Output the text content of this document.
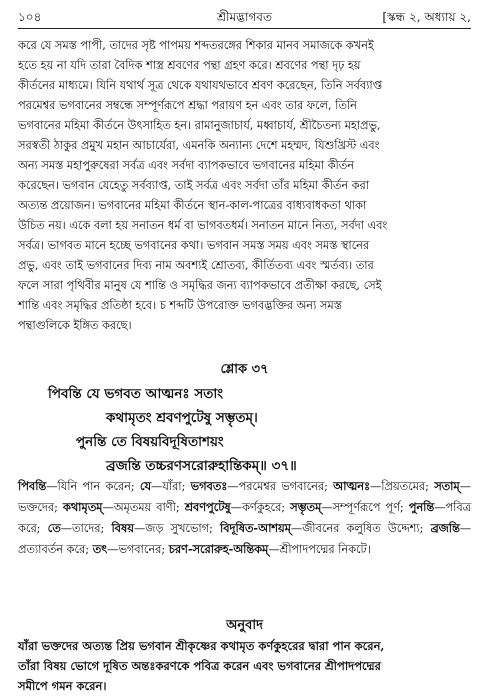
১০৪	শ্রীমদ্ভাগবত	[স্কন্ধ ২, অধ্যায় ২,

করে যে সমস্ত পাপী, তাদের সৃষ্ট পাপময় শব্দতরঙ্গের শিকার মানব সমাজকে কখনই

হতে হয় না যদি তারা বৈদিক শাস্ত্র শ্রবণের পন্থা গ্রহণ করে। শ্রবণের পন্থা দৃঢ় হয়

কীর্তনের মাধ্যমে। যিনি যথার্থ সূত্র থেকে যথাযথভাবে শ্রবণ করেছেন, তিনি সর্বব্যাপ্ত

পরমেশ্বর ভগবানের সম্বন্ধে সম্পূর্ণরূপে শ্রদ্ধা পরায়ণ হন এবং তার ফলে, তিনি

ভগবানের মহিমা কীর্তনে উৎসাহিত হন। রামানুজাচার্য, মধ্বাচার্য, শ্রীচৈতন্য মহাপ্রভু,

সরস্বতী ঠাকুর প্রমুখ মহান আচার্যেরা, এমনকি অন্যান্য দেশে মহম্মদ, যিশুখ্রিস্ট এবং

অন্য সমস্ত মহাপুরুষেরা সর্বত্র এবং সর্বদা ব্যাপকভাবে ভগবানের মহিমা কীর্তন

করেছেন। ভগবান যেহেতু সর্বব্যাপ্ত, তাই সর্বত্র এবং সর্বদা তাঁর মহিমা কীর্তন করা

অত্যন্ত প্রয়োজন। ভগবানের মহিমা কীর্তনে স্থান-কাল-পাত্রের বাধ্যবাধকতা থাকা

উচিত নয়। একে বলা হয় সনাতন ধর্ম বা ভাগবতধর্ম। সনাতন মানে নিত্য, সর্বদা এবং

সর্বত্র। ভাগবত মানে হচ্ছে ভগবানের কথা। ভগবান সমস্ত সময় এবং সমস্ত স্থানের

প্রভু, এবং তাই ভগবানের দিব্য নাম অবশ্যই শ্রোতব্য, কীর্তিতব্য এবং স্মর্তব্য। তার

ফলে সারা পৃথিবীর মানুষ যে শান্তি ও সমৃদ্ধির জন্য ব্যাপকভাবে প্রতীক্ষা করছে, সেই

শান্তি এবং সমৃদ্ধির প্রতিষ্ঠা হবে। চ শব্দটি উপরোক্ত ভগবদ্ভক্তির অন্য সমস্ত

পন্থাগুলিকে ইঙ্গিত করছে।

শ্লোক ৩৭
পিবন্তি যে ভগবত আত্মনঃ সতাং
কথামৃতং শ্রবণপুটেষু সম্ভৃতম্।
পুনন্তি তে বিষয়বিদূষিতাশয়ং
ব্রজন্তি তচ্চরণসরোরুহান্তিকম্॥ ৩৭॥
পিবন্তি—যিনি পান করেন; যে—যাঁরা; ভগবতঃ—পরমেশ্বর ভগবানের; আত্মনঃ—প্রিয়তমের; সতাম্—ভক্তদের; কথামৃতম্—অমৃতময় বাণী; শ্রবণপুটেষু—কর্ণকুহরে; সম্ভৃতম্—সম্পূর্ণরূপে পূর্ণ; পুনন্তি—পবিত্র করে; তে—তাদের; বিষয়—জড় সুখভোগ; বিদূষিত-আশয়ম্—জীবনের কলুষিত উদ্দেশ্য; ব্রজন্তি—প্রত্যাবর্তন করে; তৎ—ভগবানের; চরণ-সরোরুহ-অন্তিকম্—শ্রীপাদপদ্মের নিকটে।
অনুবাদ
যাঁরা ভক্তদের অত্যন্ত প্রিয় ভগবান শ্রীকৃষ্ণের কথামৃত কর্ণকুহরের দ্বারা পান করেন,
তাঁরা বিষয় ভোগে দূষিত অন্তঃকরণকে পবিত্র করেন এবং ভগবানের শ্রীপাদপদ্মের
সমীপে গমন করেন।
